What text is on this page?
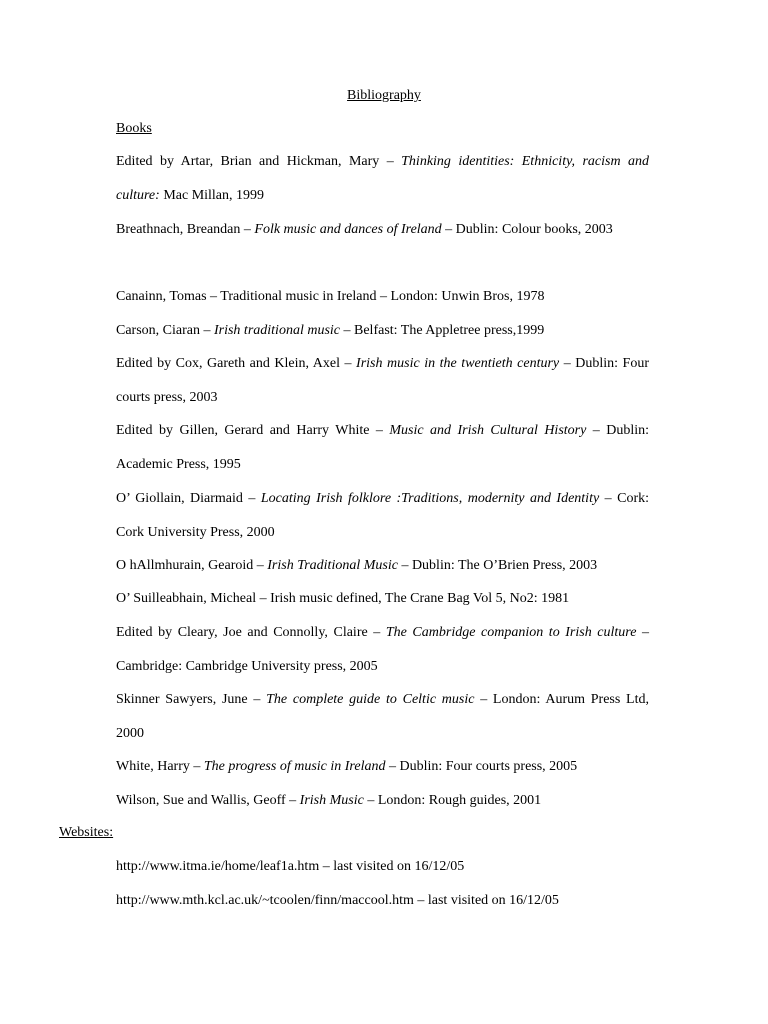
Bibliography
Books
Edited by Artar, Brian and Hickman, Mary – Thinking identities: Ethnicity, racism and culture: Mac Millan, 1999
Breathnach, Breandan – Folk music and dances of Ireland – Dublin: Colour books, 2003
Canainn, Tomas – Traditional music in Ireland – London: Unwin Bros, 1978
Carson, Ciaran – Irish traditional music – Belfast: The Appletree press,1999
Edited by Cox, Gareth and Klein, Axel – Irish music in the twentieth century – Dublin: Four courts press, 2003
Edited by Gillen, Gerard and Harry White – Music and Irish Cultural History – Dublin: Academic Press, 1995
O’ Giollain, Diarmaid – Locating Irish folklore :Traditions, modernity and Identity – Cork: Cork University Press, 2000
O hAllmhurain, Gearoid – Irish Traditional Music – Dublin: The O’Brien Press, 2003
O’ Suilleabhain, Micheal – Irish music defined, The Crane Bag Vol 5, No2: 1981
Edited by Cleary, Joe and Connolly, Claire – The Cambridge companion to Irish culture – Cambridge: Cambridge University press, 2005
Skinner Sawyers, June – The complete guide to Celtic music – London: Aurum Press Ltd, 2000
White, Harry – The progress of music in Ireland – Dublin: Four courts press, 2005
Wilson, Sue and Wallis, Geoff – Irish Music – London: Rough guides, 2001
Websites:
http://www.itma.ie/home/leaf1a.htm – last visited on 16/12/05
http://www.mth.kcl.ac.uk/~tcoolen/finn/maccool.htm – last visited on 16/12/05
